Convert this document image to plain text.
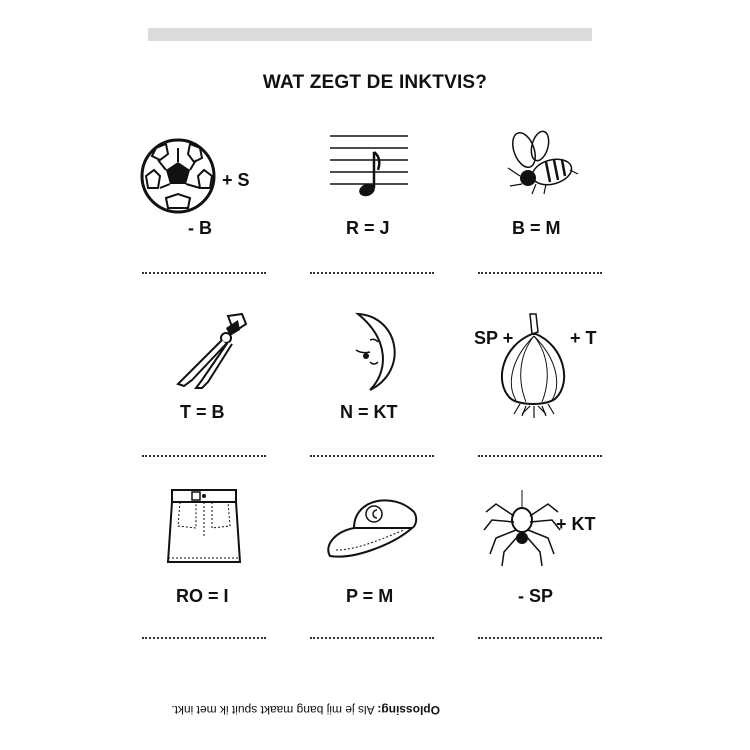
WAT ZEGT DE INKTVIS?
+ S
- B	R = J	B = M
T = B	N = KT
SP +	+ T
RO = I	P = M
+ KT
- SP
Oplossing: Als je mij bang maakt spuit ik met inkt.
